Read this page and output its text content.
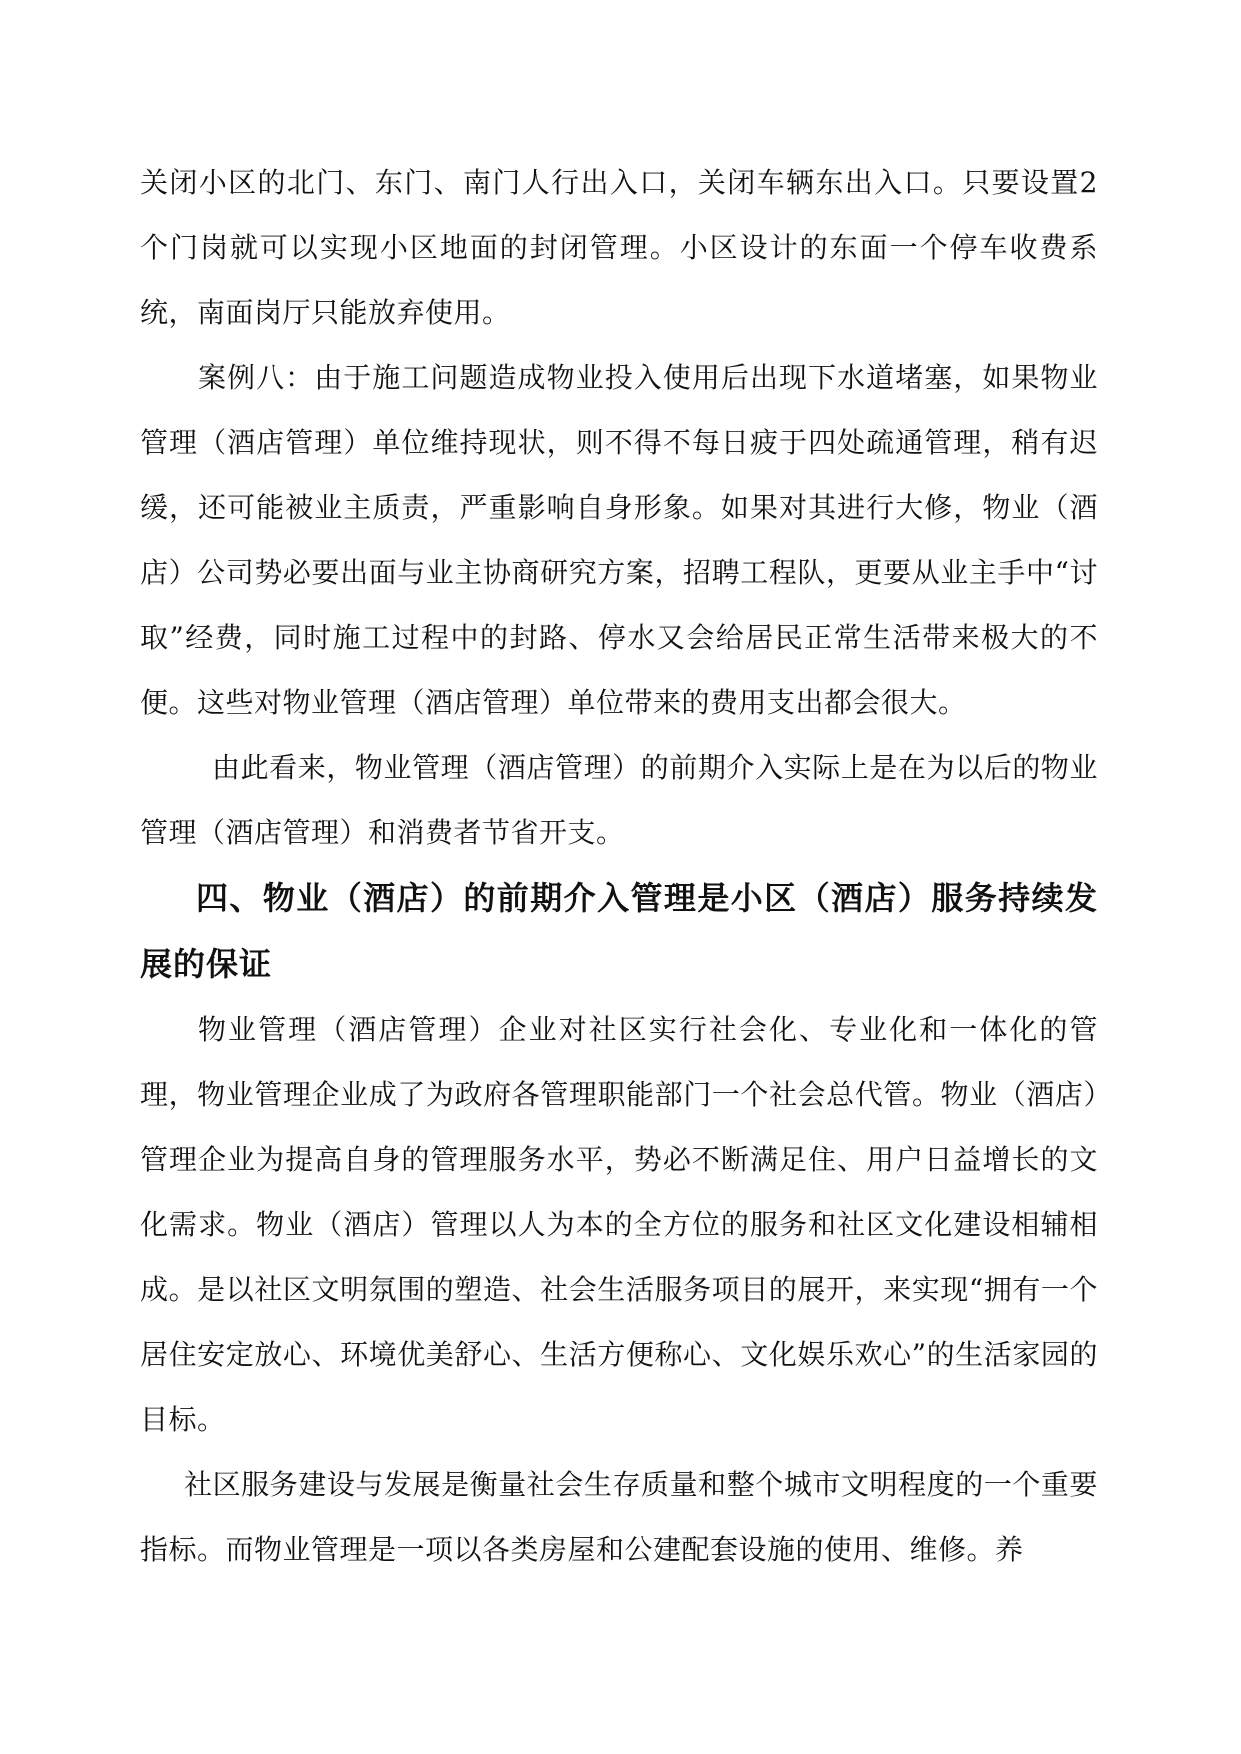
关闭小区的北门、东门、南门人行出入口，关闭车辆东出入口。只要设置2个门岗就可以实现小区地面的封闭管理。小区设计的东面一个停车收费系统，南面岗厅只能放弃使用。

案例八：由于施工问题造成物业投入使用后出现下水道堵塞，如果物业管理（酒店管理）单位维持现状，则不得不每日疲于四处疏通管理，稍有迟缓，还可能被业主质责，严重影响自身形象。如果对其进行大修，物业（酒店）公司势必要出面与业主协商研究方案，招聘工程队，更要从业主手中“讨取”经费，同时施工过程中的封路、停水又会给居民正常生活带来极大的不便。这些对物业管理（酒店管理）单位带来的费用支出都会很大。

由此看来，物业管理（酒店管理）的前期介入实际上是在为以后的物业管理（酒店管理）和消费者节省开支。

四、物业（酒店）的前期介入管理是小区（酒店）服务持续发展的保证

物业管理（酒店管理）企业对社区实行社会化、专业化和一体化的管理，物业管理企业成了为政府各管理职能部门一个社会总代管。物业（酒店）管理企业为提高自身的管理服务水平，势必不断满足住、用户日益增长的文化需求。物业（酒店）管理以人为本的全方位的服务和社区文化建设相辅相成。是以社区文明氛围的塑造、社会生活服务项目的展开，来实现“拥有一个居住安定放心、环境优美舒心、生活方便称心、文化娱乐欢心”的生活家园的目标。

社区服务建设与发展是衡量社会生存质量和整个城市文明程度的一个重要指标。而物业管理是一项以各类房屋和公建配套设施的使用、维修。养
